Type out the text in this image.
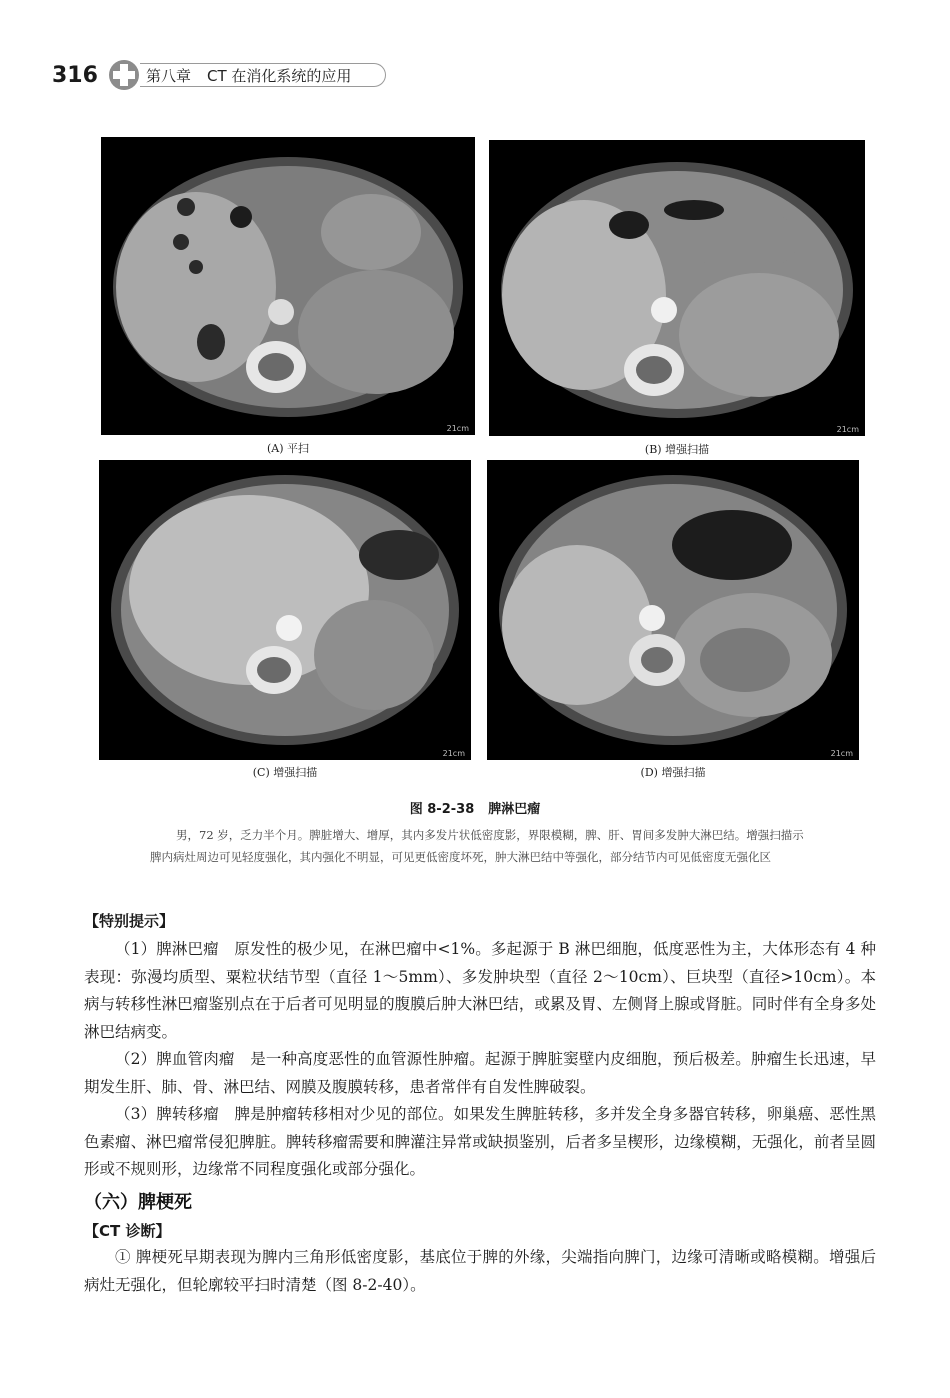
316	第八章 CT 在消化系统的应用
21cm
(A) 平扫
21cm
(B) 增强扫描
21cm
(C) 增强扫描
21cm
(D) 增强扫描
图 8-2-38 脾淋巴瘤
男，72 岁，乏力半个月。脾脏增大、增厚，其内多发片状低密度影，界限模糊，脾、肝、胃间多发肿大淋巴结。增强扫描示脾内病灶周边可见轻度强化，其内强化不明显，可见更低密度坏死，肿大淋巴结中等强化，部分结节内可见低密度无强化区
【特别提示】

（1）脾淋巴瘤　原发性的极少见，在淋巴瘤中<1%。多起源于 B 淋巴细胞，低度恶性为主，大体形态有 4 种表现：弥漫均质型、粟粒状结节型（直径 1～5mm）、多发肿块型（直径 2～10cm）、巨块型（直径>10cm）。本病与转移性淋巴瘤鉴别点在于后者可见明显的腹膜后肿大淋巴结，或累及胃、左侧肾上腺或肾脏。同时伴有全身多处淋巴结病变。

（2）脾血管肉瘤　是一种高度恶性的血管源性肿瘤。起源于脾脏窦壁内皮细胞，预后极差。肿瘤生长迅速，早期发生肝、肺、骨、淋巴结、网膜及腹膜转移，患者常伴有自发性脾破裂。

（3）脾转移瘤　脾是肿瘤转移相对少见的部位。如果发生脾脏转移，多并发全身多器官转移，卵巢癌、恶性黑色素瘤、淋巴瘤常侵犯脾脏。脾转移瘤需要和脾灌注异常或缺损鉴别，后者多呈楔形，边缘模糊，无强化，前者呈圆形或不规则形，边缘常不同程度强化或部分强化。

（六）脾梗死
【CT 诊断】

① 脾梗死早期表现为脾内三角形低密度影，基底位于脾的外缘，尖端指向脾门，边缘可清晰或略模糊。增强后病灶无强化，但轮廓较平扫时清楚（图 8-2-40）。
